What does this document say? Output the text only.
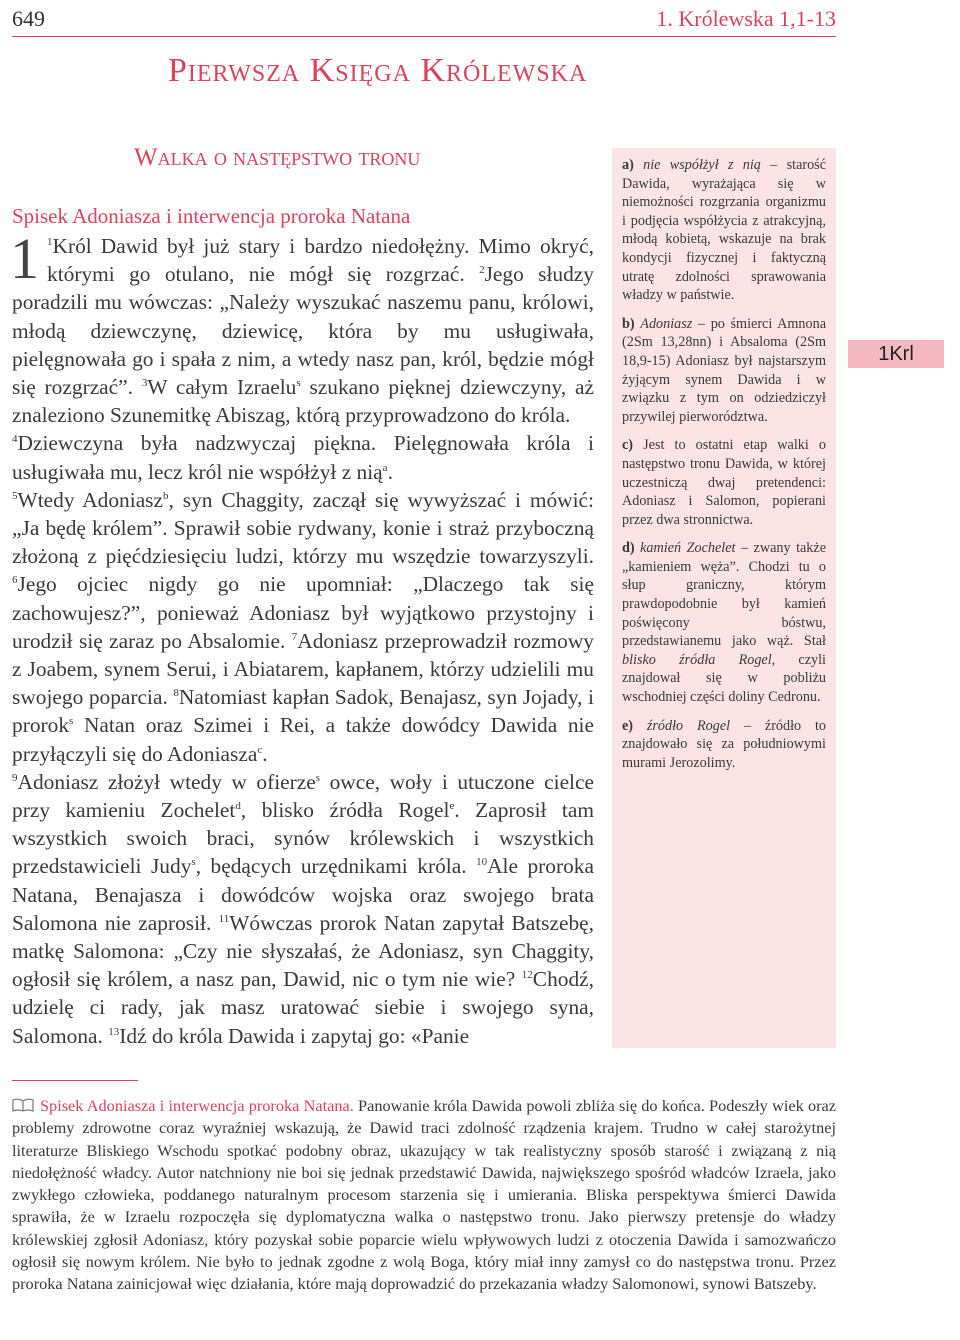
649	1. Królewska 1,1-13
Pierwsza Księga Królewska
Walka o następstwo tronu
Spisek Adoniasza i interwencja proroka Natana

1 $^1$Król Dawid był już stary i bardzo niedołężny. Mimo okryć, którymi go otulano, nie mógł się rozgrzać. $^2$Jego słudzy poradzili mu wówczas: „Należy wyszukać naszemu panu, królowi, młodą dziewczynę, dziewicę, która by mu usługiwała, pielęgnowała go i spała z nim, a wtedy nasz pan, król, będzie mógł się rozgrzać”. $^3$W całym Izraelu$^s$ szukano pięknej dziewczyny, aż znaleziono Szunemitkę Abiszag, którą przyprowadzono do króla.

$^4$Dziewczyna była nadzwyczaj piękna. Pielęgnowała króla i usługiwała mu, lecz król nie współżył z nią$^a$.

$^5$Wtedy Adoniasz$^b$, syn Chaggity, zaczął się wywyższać i mówić: „Ja będę królem”. Sprawił sobie rydwany, konie i straż przyboczną złożoną z pięćdziesięciu ludzi, którzy mu wszędzie towarzyszyli. $^6$Jego ojciec nigdy go nie upomniał: „Dlaczego tak się zachowujesz?”, ponieważ Adoniasz był wyjątkowo przystojny i urodził się zaraz po Absalomie. $^7$Adoniasz przeprowadził rozmowy z Joabem, synem Serui, i Abiatarem, kapłanem, którzy udzielili mu swojego poparcia. $^8$Natomiast kapłan Sadok, Benajasz, syn Jojady, i prorok$^s$ Natan oraz Szimei i Rei, a także dowódcy Dawida nie przyłączyli się do Adoniasza$^c$.

$^9$Adoniasz złożył wtedy w ofierze$^s$ owce, woły i utuczone cielce przy kamieniu Zochelet$^d$, blisko źródła Rogel$^e$. Zaprosił tam wszystkich swoich braci, synów królewskich i wszystkich przedstawicieli Judy$^s$, będących urzędnikami króla. $^{10}$Ale proroka Natana, Benajasza i dowódców wojska oraz swojego brata Salomona nie zaprosił. $^{11}$Wówczas prorok Natan zapytał Batszebę, matkę Salomona: „Czy nie słyszałaś, że Adoniasz, syn Chaggity, ogłosił się królem, a nasz pan, Dawid, nic o tym nie wie? $^{12}$Chodź, udzielę ci rady, jak masz uratować siebie i swojego syna, Salomona. $^{13}$Idź do króla Dawida i zapytaj go: «Panie

a) nie współżył z nią – starość Dawida, wyrażająca się w niemożności rozgrzania organizmu i podjęcia współżycia z atrakcyjną, młodą kobietą, wskazuje na brak kondycji fizycznej i faktyczną utratę zdolności sprawowania władzy w państwie.

b) Adoniasz – po śmierci Amnona (2Sm 13,28nn) i Absaloma (2Sm 18,9-15) Adoniasz był najstarszym żyjącym synem Dawida i w związku z tym on odziedziczył przywilej pierworództwa.

c) Jest to ostatni etap walki o następstwo tronu Dawida, w której uczestniczą dwaj pretendenci: Adoniasz i Salomon, popierani przez dwa stronnictwa.

d) kamień Zochelet – zwany także „kamieniem węża”. Chodzi tu o słup graniczny, którym prawdopodobnie był kamień poświęcony bóstwu, przedstawianemu jako wąż. Stał blisko źródła Rogel, czyli znajdował się w pobliżu wschodniej części doliny Cedronu.

e) źródło Rogel – źródło to znajdowało się za południowymi murami Jerozolimy.

1Krl

Spisek Adoniasza i interwencja proroka Natana. Panowanie króla Dawida powoli zbliża się do końca. Podeszły wiek oraz problemy zdrowotne coraz wyraźniej wskazują, że Dawid traci zdolność rządzenia krajem. Trudno w całej starożytnej literaturze Bliskiego Wschodu spotkać podobny obraz, ukazujący w tak realistyczny sposób starość i związaną z nią niedołężność władcy. Autor natchniony nie boi się jednak przedstawić Dawida, największego spośród władców Izraela, jako zwykłego człowieka, poddanego naturalnym procesom starzenia się i umierania. Bliska perspektywa śmierci Dawida sprawiła, że w Izraelu rozpoczęła się dyplomatyczna walka o następstwo tronu. Jako pierwszy pretensje do władzy królewskiej zgłosił Adoniasz, który pozyskał sobie poparcie wielu wpływowych ludzi z otoczenia Dawida i samozwańczo ogłosił się nowym królem. Nie było to jednak zgodne z wolą Boga, który miał inny zamysł co do następstwa tronu. Przez proroka Natana zainicjował więc działania, które mają doprowadzić do przekazania władzy Salomonowi, synowi Batszeby.
